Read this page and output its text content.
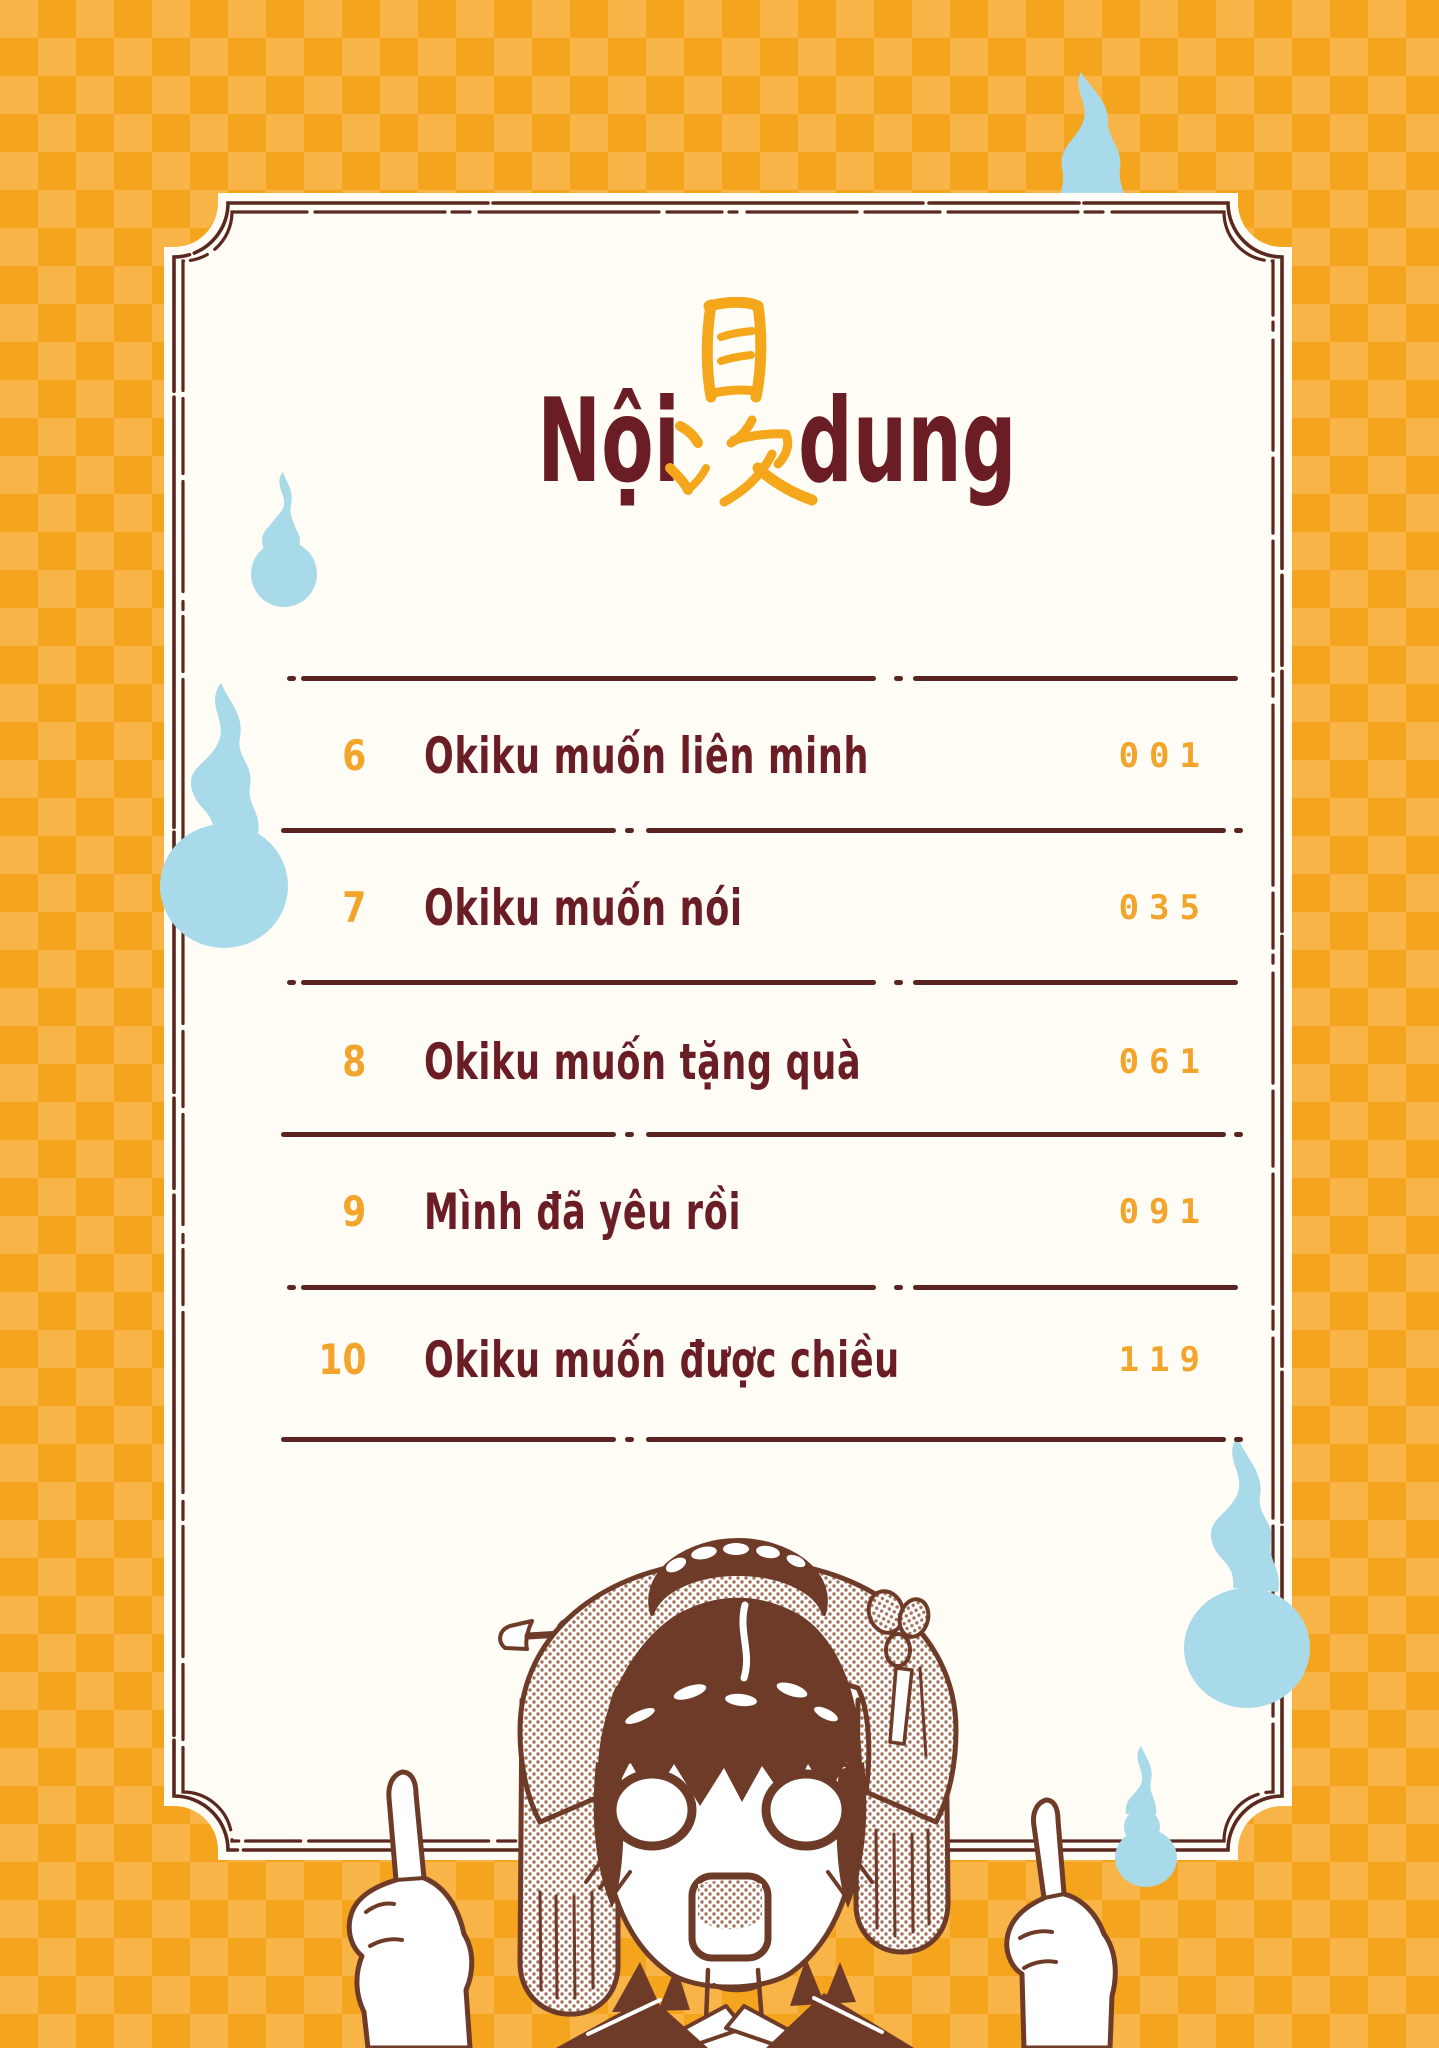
Nội dung
6 Okiku muốn liên minh	001
7 Okiku muốn nói	035
8 Okiku muốn tặng quà	061
9 Mình đã yêu rồi	091
10 Okiku muốn được chiều	119
